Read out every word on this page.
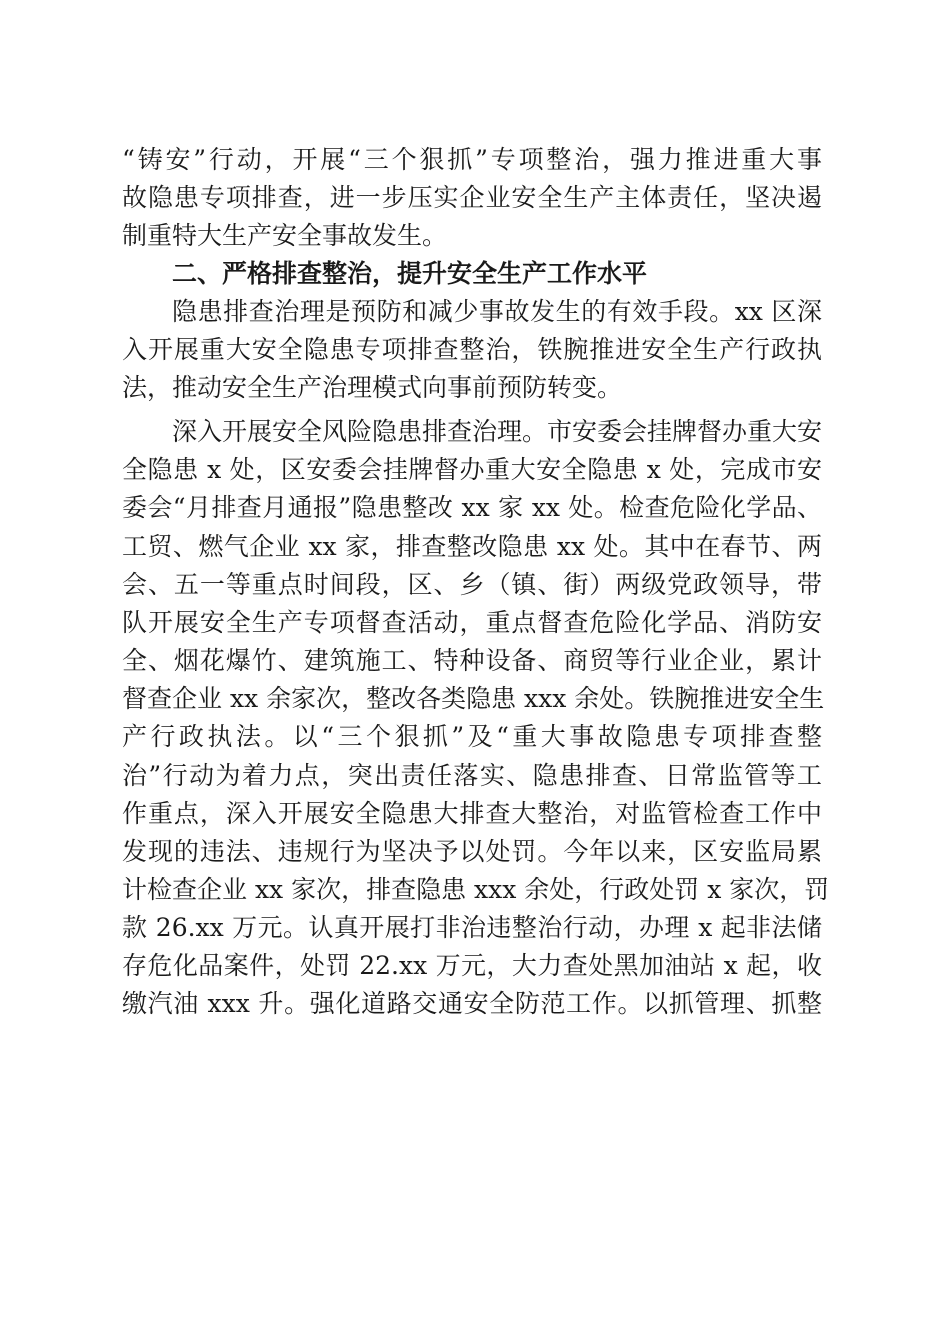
“铸安”行动，开展“三个狠抓”专项整治，强力推进重大事
故隐患专项排查，进一步压实企业安全生产主体责任，坚决遏
制重特大生产安全事故发生。
二、严格排查整治，提升安全生产工作水平
隐患排查治理是预防和减少事故发生的有效手段。xx 区深
入开展重大安全隐患专项排查整治，铁腕推进安全生产行政执
法，推动安全生产治理模式向事前预防转变。
深入开展安全风险隐患排查治理。市安委会挂牌督办重大安
全隐患 x 处，区安委会挂牌督办重大安全隐患 x 处，完成市安
委会“月排查月通报”隐患整改 xx 家 xx 处。检查危险化学品、
工贸、燃气企业 xx 家，排查整改隐患 xx 处。其中在春节、两
会、五一等重点时间段，区、乡（镇、街）两级党政领导，带
队开展安全生产专项督查活动，重点督查危险化学品、消防安
全、烟花爆竹、建筑施工、特种设备、商贸等行业企业，累计
督查企业 xx 余家次，整改各类隐患 xxx 余处。铁腕推进安全生
产行政执法。以“三个狠抓”及“重大事故隐患专项排查整
治”行动为着力点，突出责任落实、隐患排查、日常监管等工
作重点，深入开展安全隐患大排查大整治，对监管检查工作中
发现的违法、违规行为坚决予以处罚。今年以来，区安监局累
计检查企业 xx 家次，排查隐患 xxx 余处，行政处罚 x 家次，罚
款 26.xx 万元。认真开展打非治违整治行动，办理 x 起非法储
存危化品案件，处罚 22.xx 万元，大力查处黑加油站 x 起，收
缴汽油 xxx 升。强化道路交通安全防范工作。以抓管理、抓整
